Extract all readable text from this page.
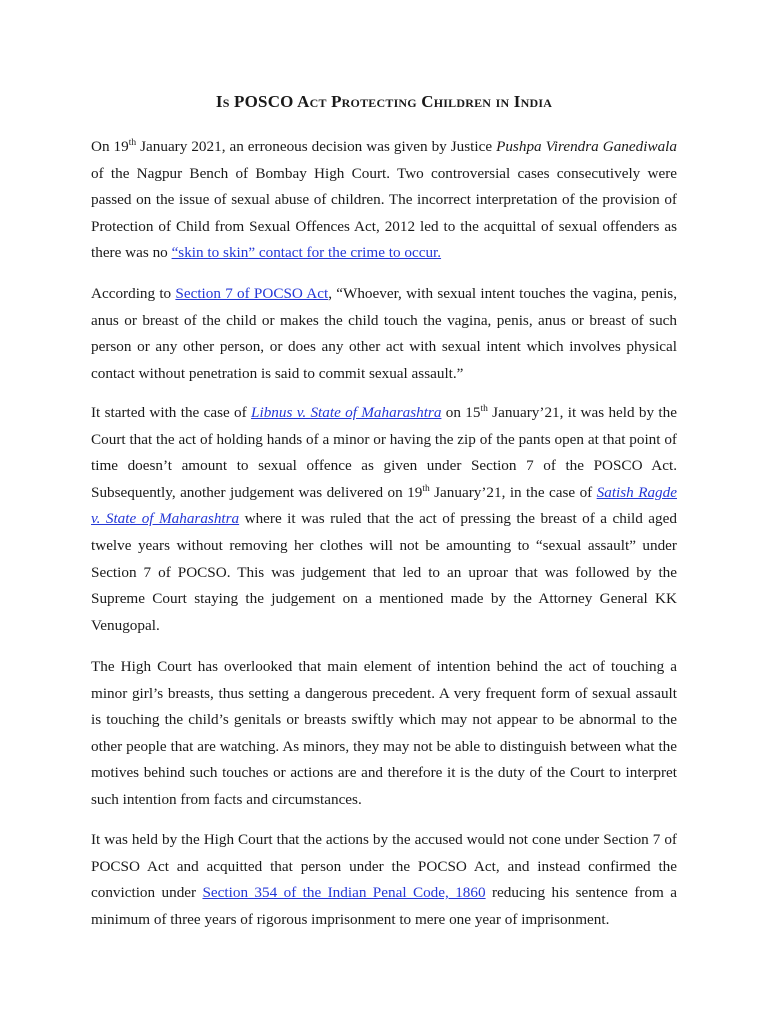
Is POSCO Act Protecting Children in India

On 19th January 2021, an erroneous decision was given by Justice Pushpa Virendra Ganediwala of the Nagpur Bench of Bombay High Court. Two controversial cases consecutively were passed on the issue of sexual abuse of children. The incorrect interpretation of the provision of Protection of Child from Sexual Offences Act, 2012 led to the acquittal of sexual offenders as there was no “skin to skin” contact for the crime to occur.

According to Section 7 of POCSO Act, “Whoever, with sexual intent touches the vagina, penis, anus or breast of the child or makes the child touch the vagina, penis, anus or breast of such person or any other person, or does any other act with sexual intent which involves physical contact without penetration is said to commit sexual assault.”

It started with the case of Libnus v. State of Maharashtra on 15th January’21, it was held by the Court that the act of holding hands of a minor or having the zip of the pants open at that point of time doesn’t amount to sexual offence as given under Section 7 of the POSCO Act. Subsequently, another judgement was delivered on 19th January’21, in the case of Satish Ragde v. State of Maharashtra where it was ruled that the act of pressing the breast of a child aged twelve years without removing her clothes will not be amounting to “sexual assault” under Section 7 of POCSO. This was judgement that led to an uproar that was followed by the Supreme Court staying the judgement on a mentioned made by the Attorney General KK Venugopal.

The High Court has overlooked that main element of intention behind the act of touching a minor girl’s breasts, thus setting a dangerous precedent. A very frequent form of sexual assault is touching the child’s genitals or breasts swiftly which may not appear to be abnormal to the other people that are watching. As minors, they may not be able to distinguish between what the motives behind such touches or actions are and therefore it is the duty of the Court to interpret such intention from facts and circumstances.

It was held by the High Court that the actions by the accused would not cone under Section 7 of POCSO Act and acquitted that person under the POCSO Act, and instead confirmed the conviction under Section 354 of the Indian Penal Code, 1860 reducing his sentence from a minimum of three years of rigorous imprisonment to mere one year of imprisonment.
